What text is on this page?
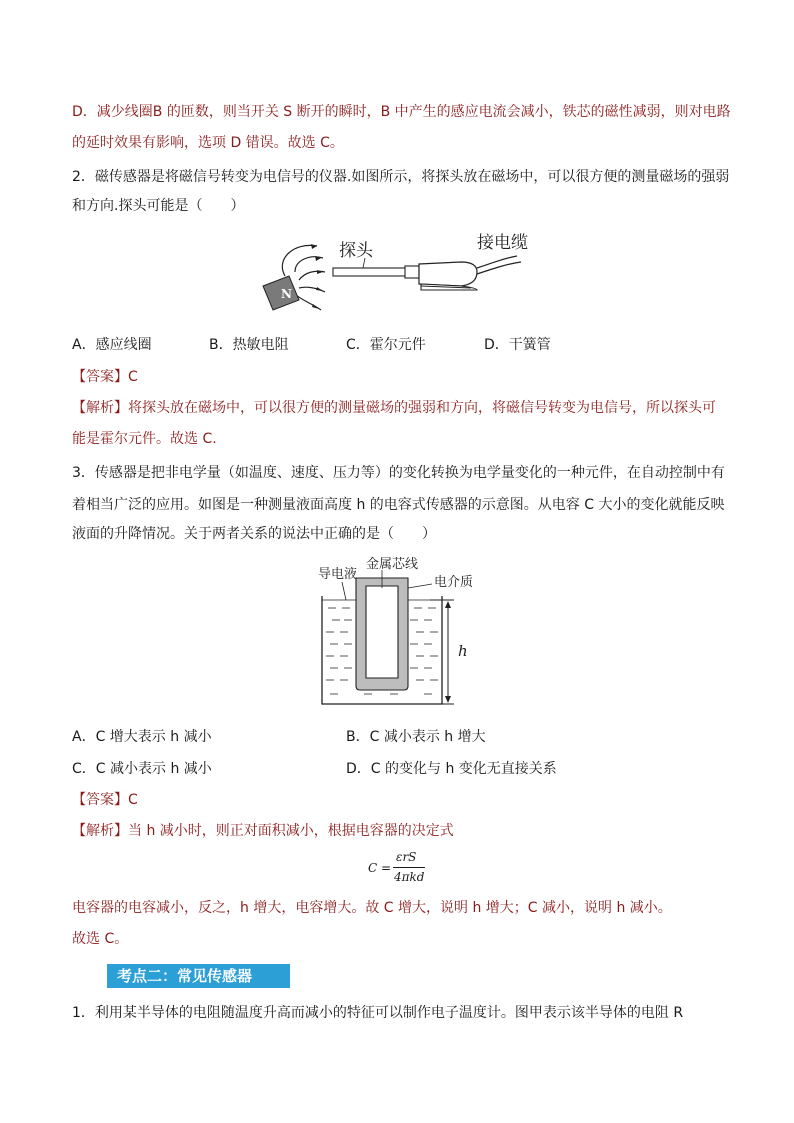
D．减少线圈B 的匝数，则当开关 S 断开的瞬时，B 中产生的感应电流会减小，铁芯的磁性减弱，则对电路
的延时效果有影响，选项 D 错误。故选 C。
2．磁传感器是将磁信号转变为电信号的仪器.如图所示，将探头放在磁场中，可以很方便的测量磁场的强弱
和方向.探头可能是（　　）
N
探头	接电缆
A．感应线圈	B．热敏电阻	C．霍尔元件	D．干簧管
【答案】C
【解析】将探头放在磁场中，可以很方便的测量磁场的强弱和方向，将磁信号转变为电信号，所以探头可
能是霍尔元件。故选 C.
3．传感器是把非电学量（如温度、速度、压力等）的变化转换为电学量变化的一种元件，在自动控制中有
着相当广泛的应用。如图是一种测量液面高度 h 的电容式传感器的示意图。从电容 C 大小的变化就能反映
液面的升降情况。关于两者关系的说法中正确的是（　　）
h
导电液
金属芯线
电介质
A．C 增大表示 h 减小	B．C 减小表示 h 增大
C．C 减小表示 h 减小	D．C 的变化与 h 变化无直接关系
【答案】C
【解析】当 h 减小时，则正对面积减小，根据电容器的决定式
C =
εrS
4πkd
电容器的电容减小，反之，h 增大，电容增大。故 C 增大，说明 h 增大；C 减小，说明 h 减小。
故选 C。
考点二：常见传感器
1．利用某半导体的电阻随温度升高而减小的特征可以制作电子温度计。图甲表示该半导体的电阻 R
